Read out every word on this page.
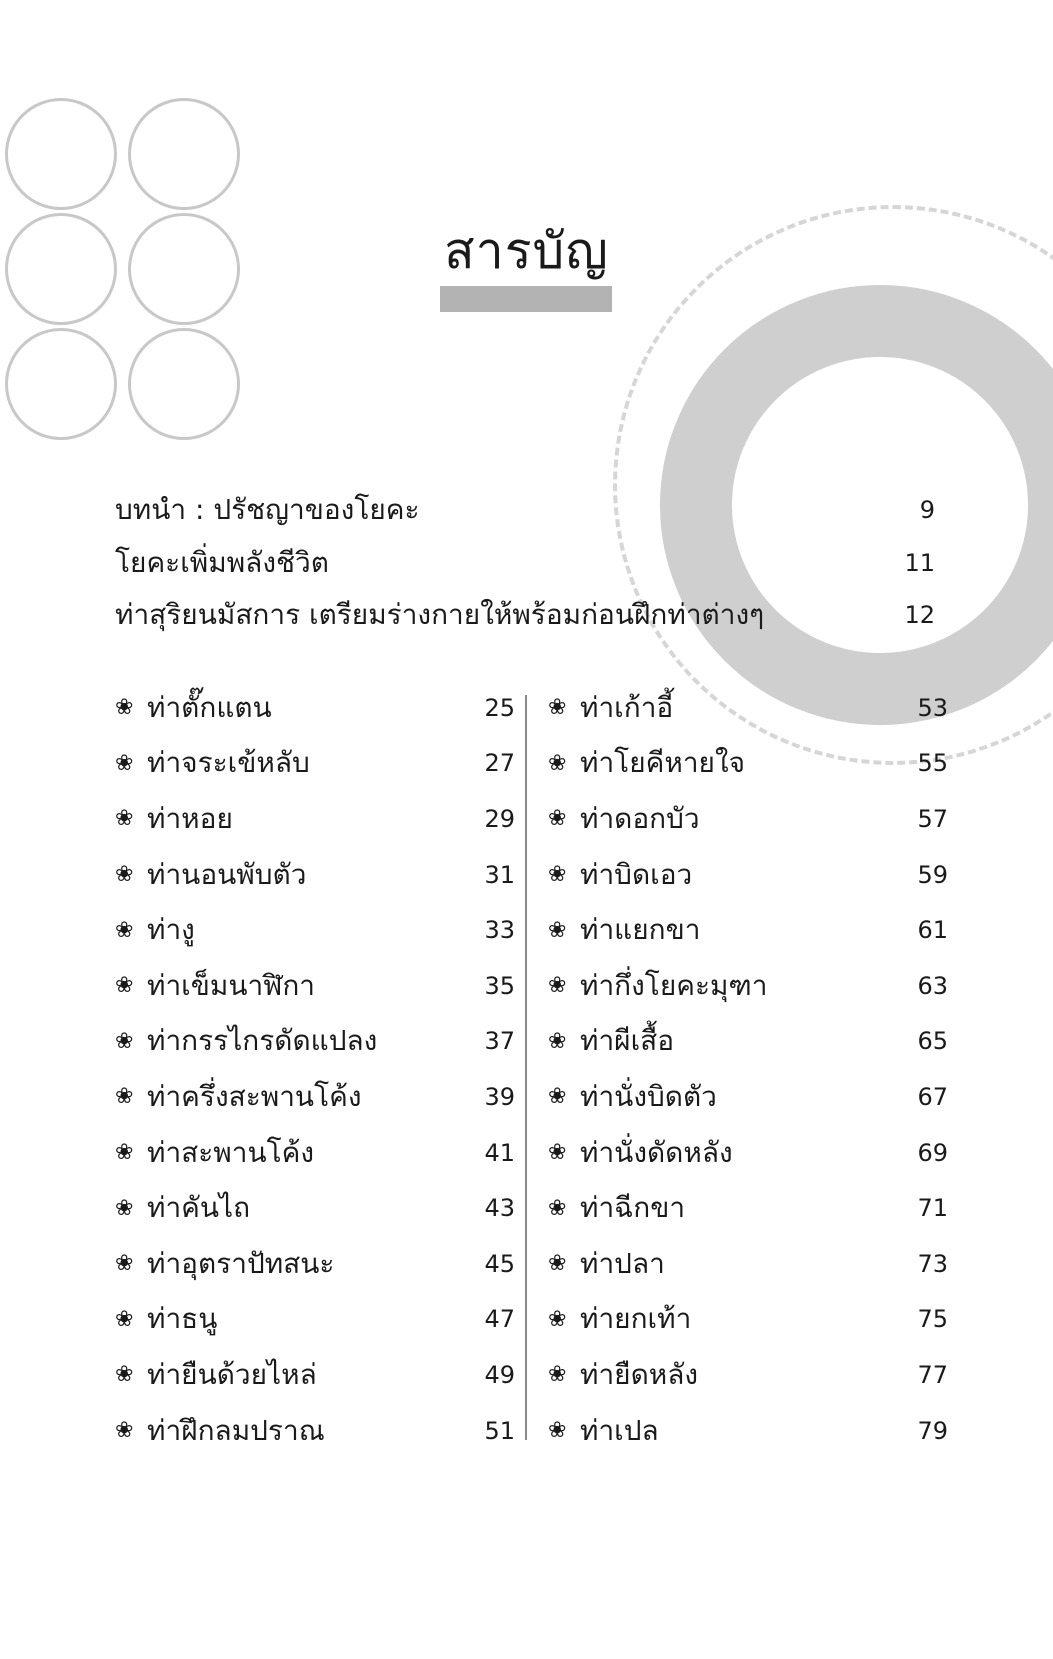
สารบัญ
บทนำ : ปรัชญาของโยคะ	9
โยคะเพิ่มพลังชีวิต	11
ท่าสุริยนมัสการ เตรียมร่างกายให้พร้อมก่อนฝึกท่าต่างๆ	12
❀ ท่าตั๊กแตน	25
❀ ท่าจระเข้หลับ	27
❀ ท่าหอย	29
❀ ท่านอนพับตัว	31
❀ ท่างู	33
❀ ท่าเข็มนาฬิกา	35
❀ ท่ากรรไกรดัดแปลง	37
❀ ท่าครึ่งสะพานโค้ง	39
❀ ท่าสะพานโค้ง	41
❀ ท่าคันไถ	43
❀ ท่าอุตราปัทสนะ	45
❀ ท่าธนู	47
❀ ท่ายืนด้วยไหล่	49
❀ ท่าฝึกลมปราณ	51
❀ ท่าเก้าอี้	53
❀ ท่าโยคีหายใจ	55
❀ ท่าดอกบัว	57
❀ ท่าบิดเอว	59
❀ ท่าแยกขา	61
❀ ท่ากึ่งโยคะมุฑา	63
❀ ท่าผีเสื้อ	65
❀ ท่านั่งบิดตัว	67
❀ ท่านั่งดัดหลัง	69
❀ ท่าฉีกขา	71
❀ ท่าปลา	73
❀ ท่ายกเท้า	75
❀ ท่ายืดหลัง	77
❀ ท่าเปล	79
